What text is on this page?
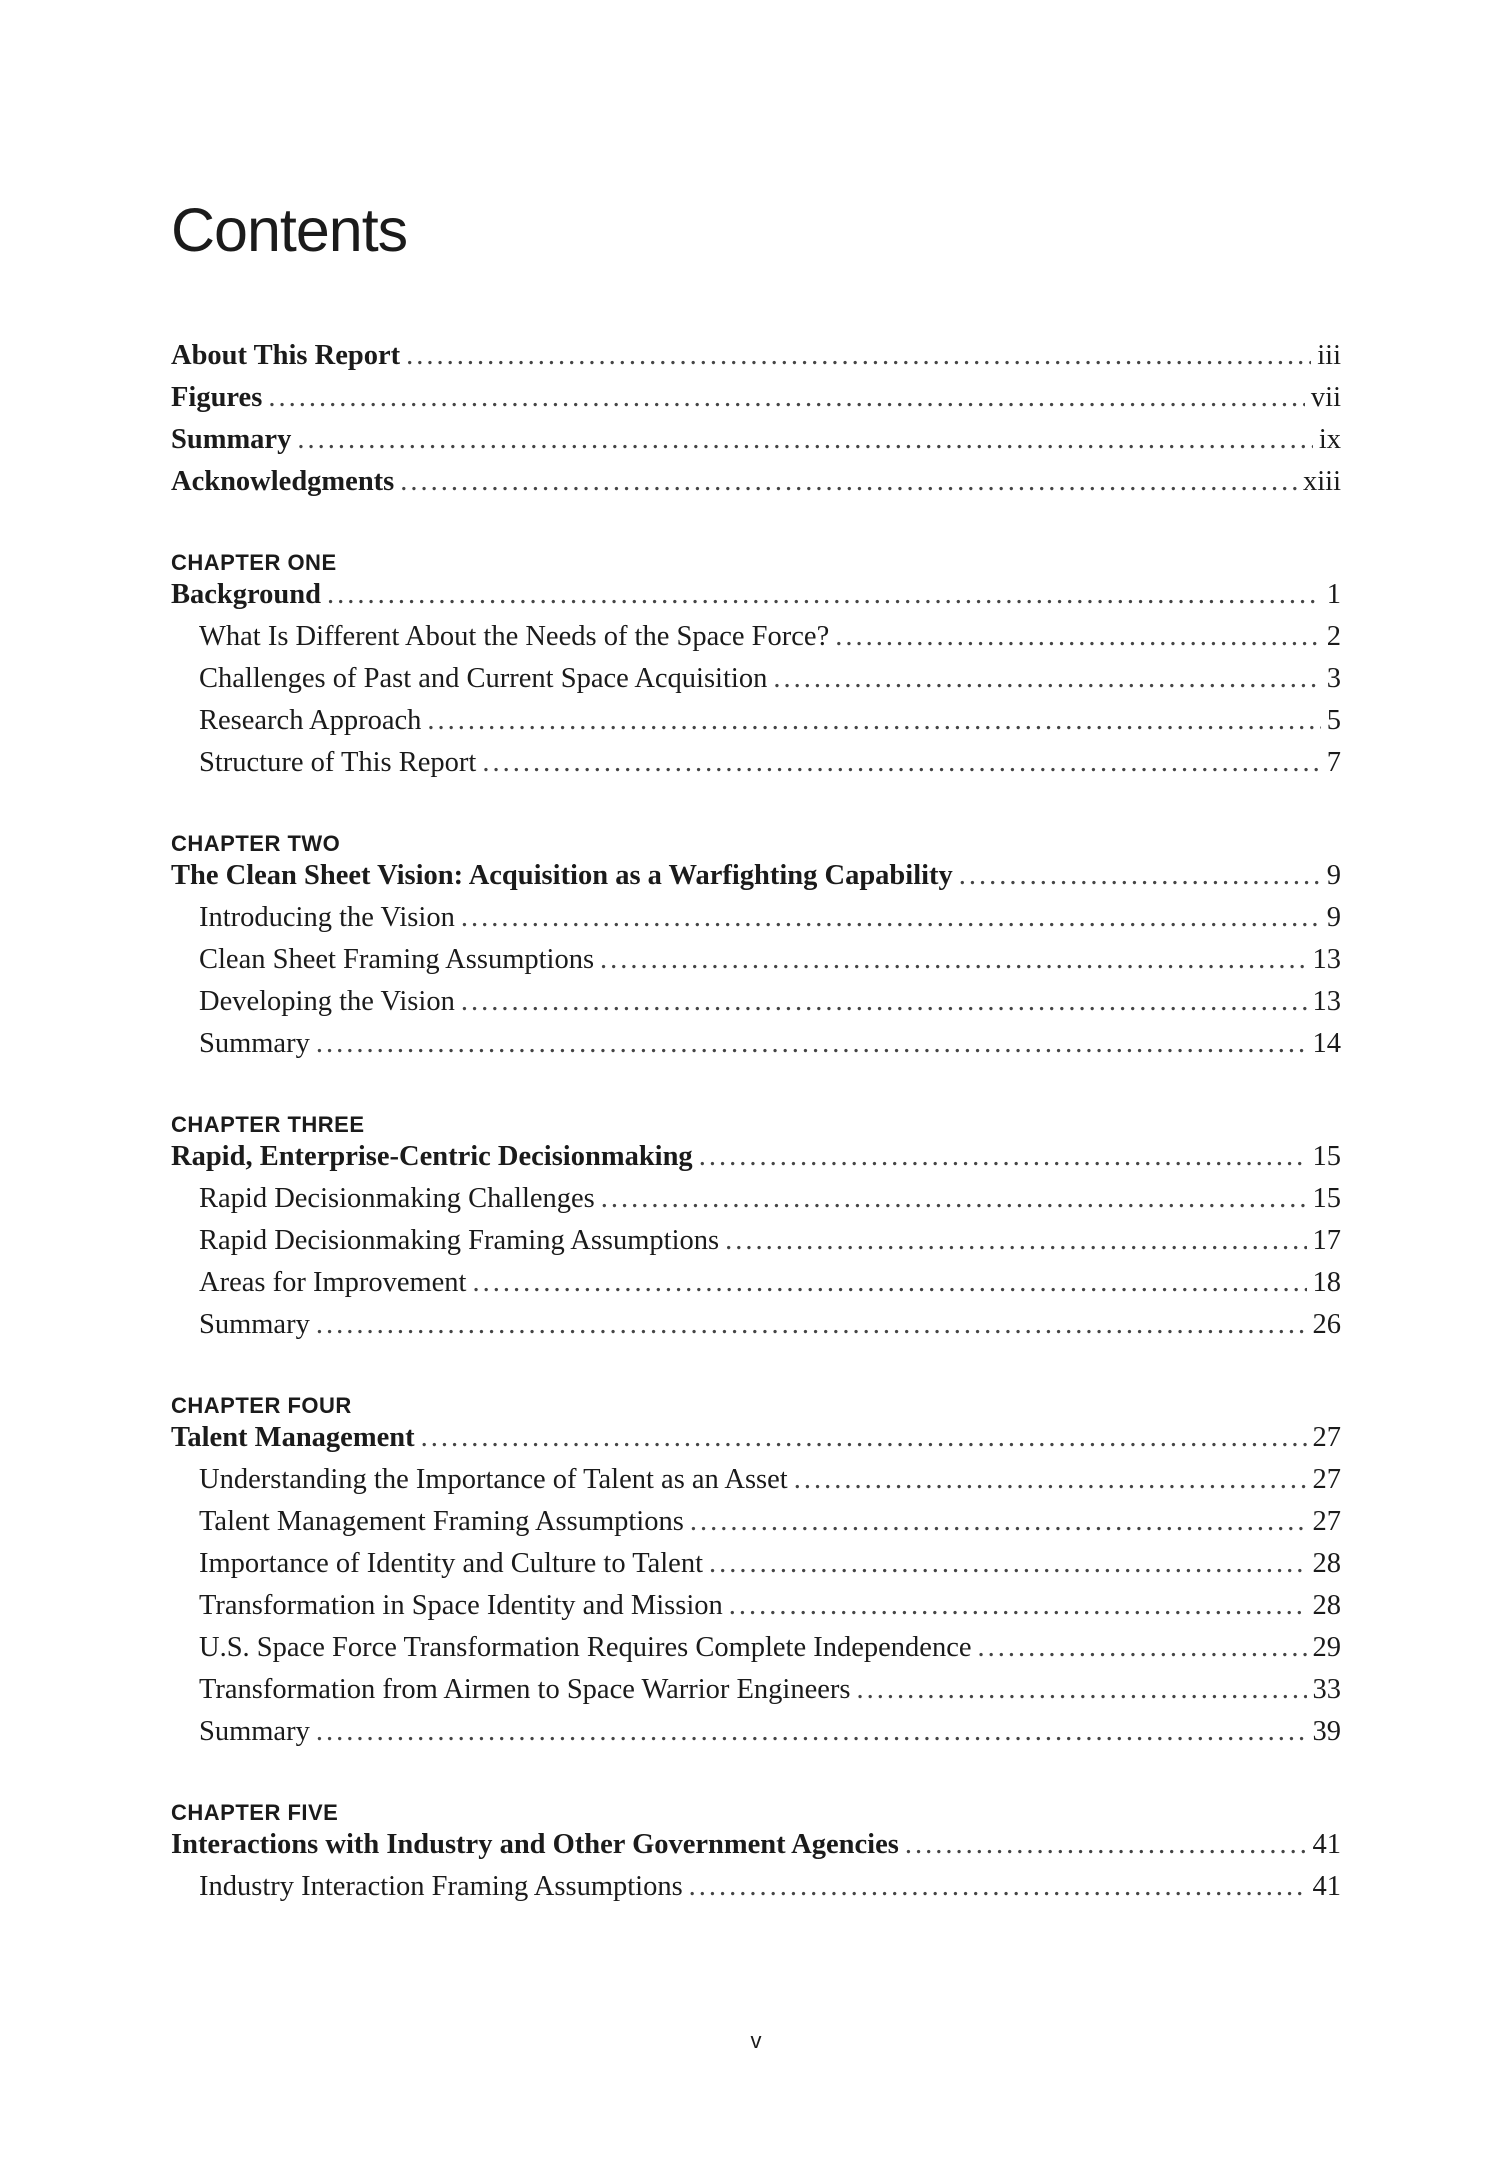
Contents
About This Report .....	iii
Figures .....	vii
Summary .....	ix
Acknowledgments .....	xiii
CHAPTER ONE
Background .....	1
What Is Different About the Needs of the Space Force? .....	2
Challenges of Past and Current Space Acquisition .....	3
Research Approach .....	5
Structure of This Report .....	7
CHAPTER TWO
The Clean Sheet Vision: Acquisition as a Warfighting Capability .....	9
Introducing the Vision .....	9
Clean Sheet Framing Assumptions .....	13
Developing the Vision .....	13
Summary .....	14
CHAPTER THREE
Rapid, Enterprise-Centric Decisionmaking .....	15
Rapid Decisionmaking Challenges .....	15
Rapid Decisionmaking Framing Assumptions .....	17
Areas for Improvement .....	18
Summary .....	26
CHAPTER FOUR
Talent Management .....	27
Understanding the Importance of Talent as an Asset .....	27
Talent Management Framing Assumptions .....	27
Importance of Identity and Culture to Talent .....	28
Transformation in Space Identity and Mission .....	28
U.S. Space Force Transformation Requires Complete Independence .....	29
Transformation from Airmen to Space Warrior Engineers .....	33
Summary .....	39
CHAPTER FIVE
Interactions with Industry and Other Government Agencies .....	41
Industry Interaction Framing Assumptions .....	41
v
